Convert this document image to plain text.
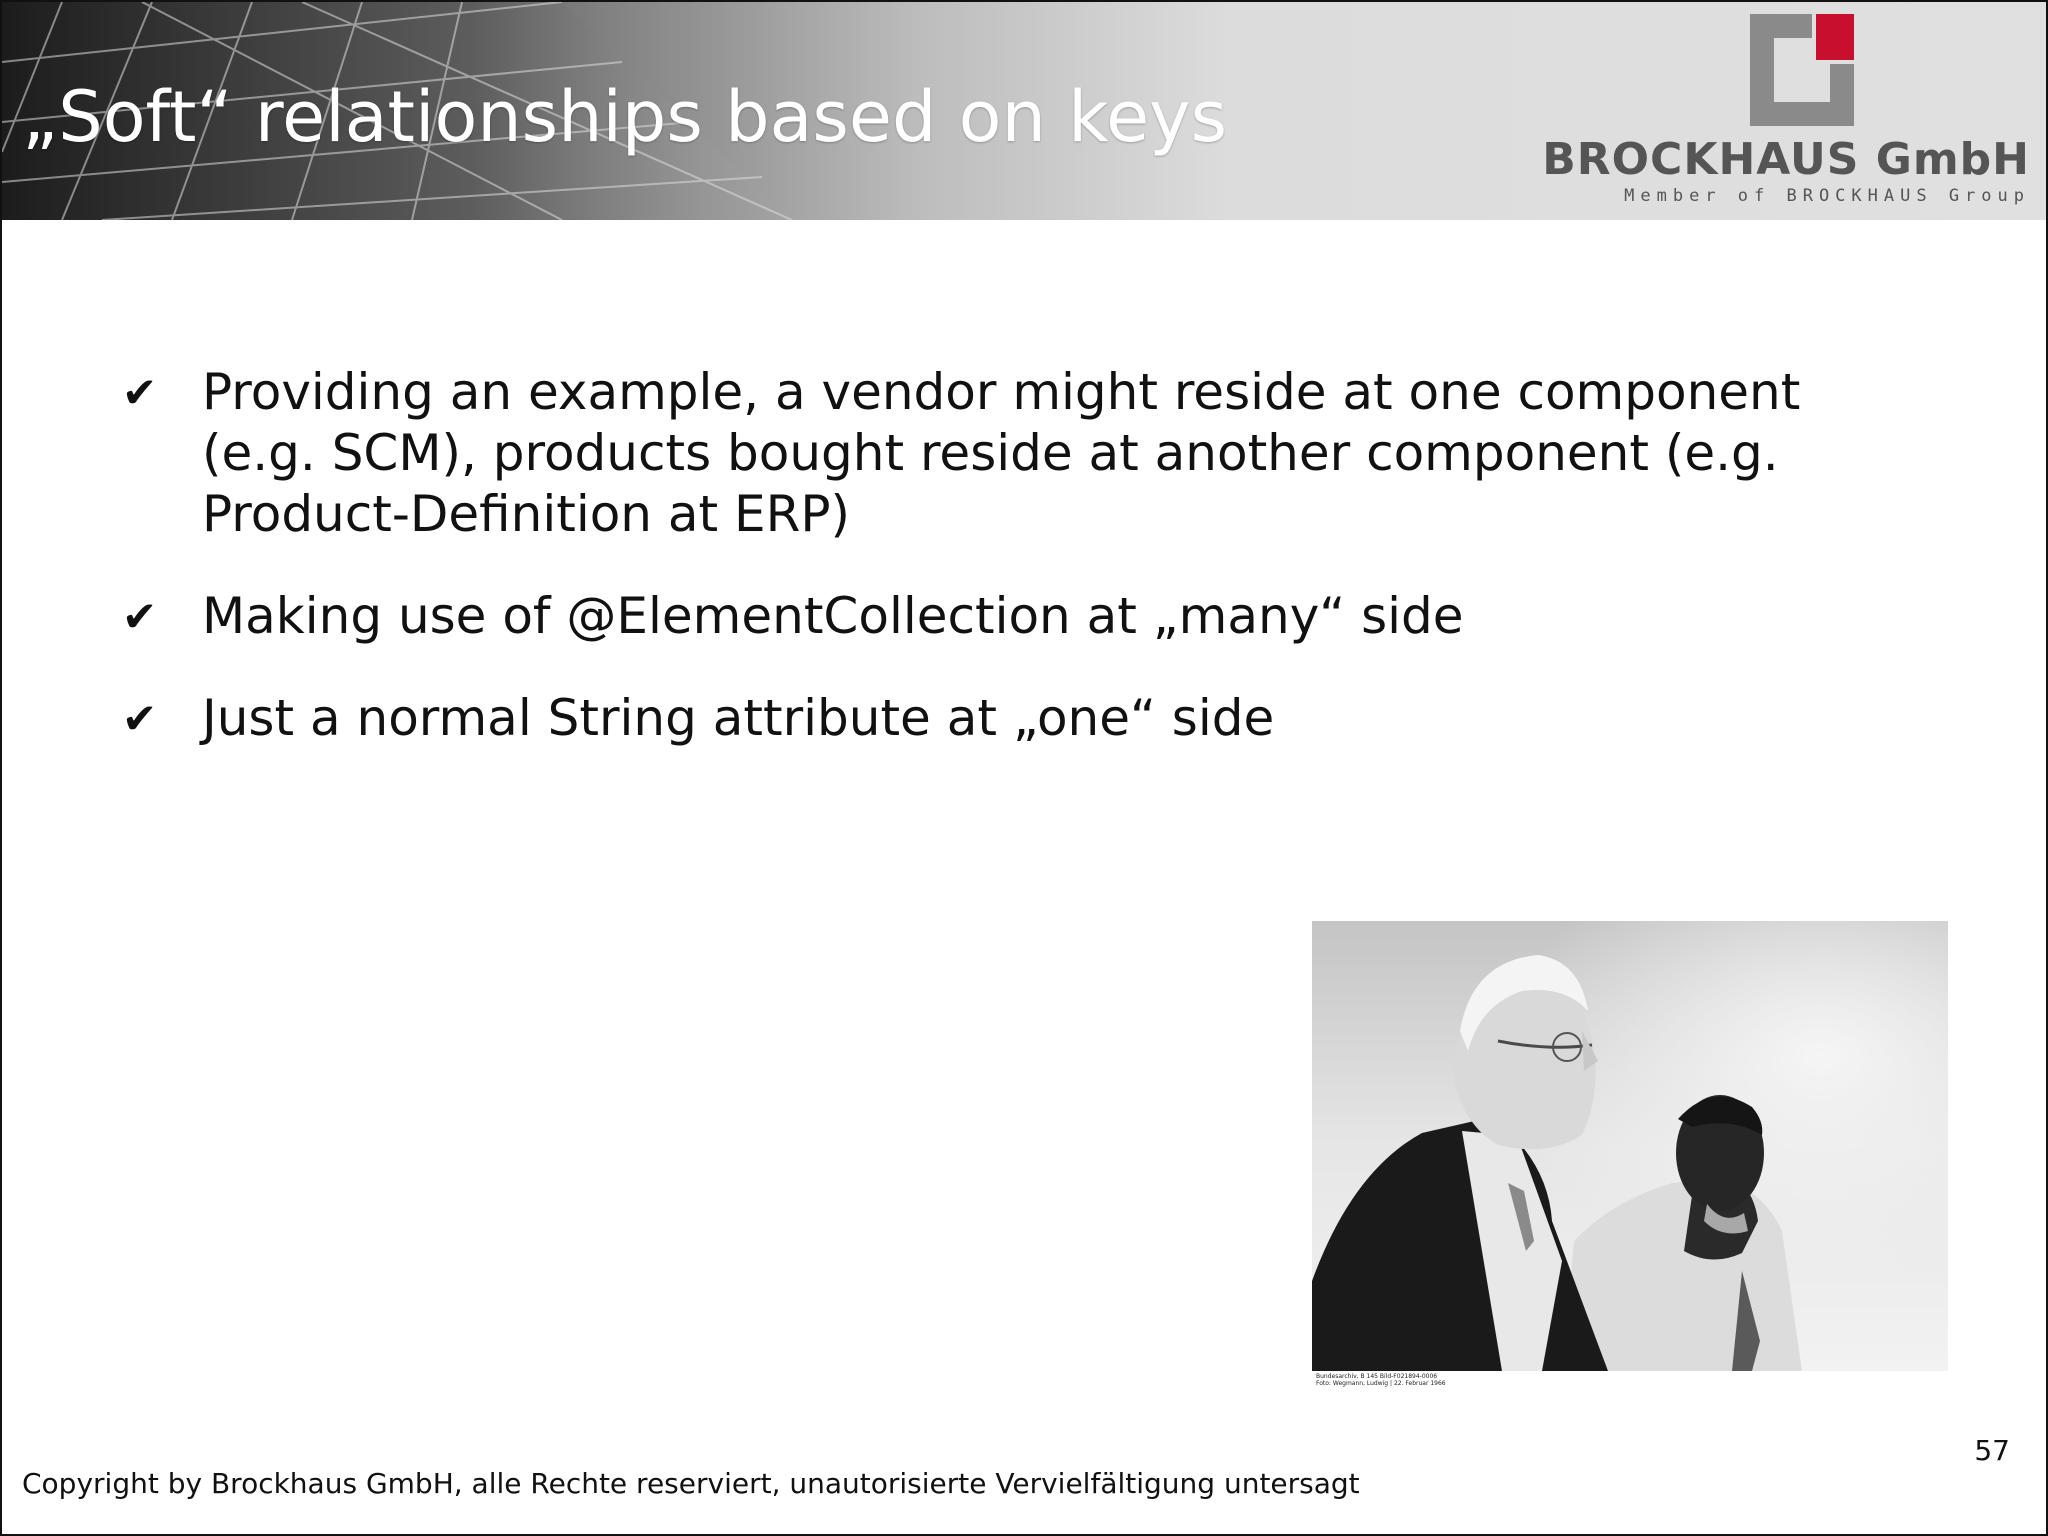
„Soft“ relationships based on keys

BROCKHAUS GmbH

Member of BROCKHAUS Group

✔ Providing an example, a vendor might reside at one component (e.g. SCM), products bought reside at another component (e.g. Product-Definition at ERP)
✔ Making use of @ElementCollection at „many“ side
✔ Just a normal String attribute at „one“ side

Bundesarchiv, B 145 Bild-F021894-0006
Foto: Wegmann, Ludwig | 22. Februar 1966

57

Copyright by Brockhaus GmbH, alle Rechte reserviert, unautorisierte Vervielfältigung untersagt
